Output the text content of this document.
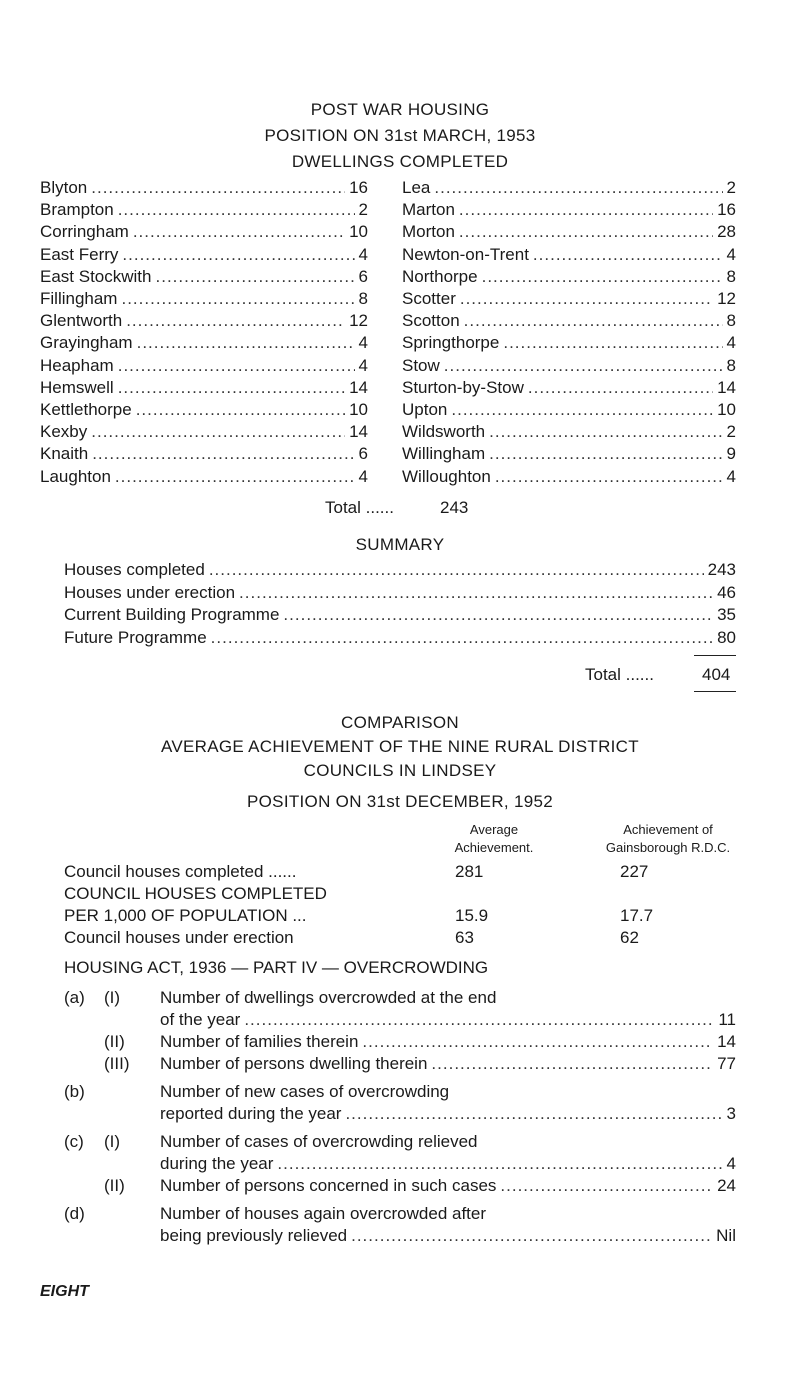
POST WAR HOUSING
POSITION ON 31st MARCH, 1953
DWELLINGS COMPLETED
Blyton .....	16
Brampton .....	2
Corringham .....	10
East Ferry .....	4
East Stockwith .....	6
Fillingham .....	8
Glentworth .....	12
Grayingham .....	4
Heapham .....	4
Hemswell .....	14
Kettlethorpe .....	10
Kexby .....	14
Knaith .....	6
Laughton .....	4
Lea .....	2
Marton .....	16
Morton .....	28
Newton-on-Trent .....	4
Northorpe .....	8
Scotter .....	12
Scotton .....	8
Springthorpe .....	4
Stow .....	8
Sturton-by-Stow .....	14
Upton .....	10
Wildsworth .....	2
Willingham .....	9
Willoughton .....	4
Total ......	243
SUMMARY
Houses completed .....	243
Houses under erection .....	46
Current Building Programme .....	35
Future Programme .....	80
Total ......	404
COMPARISON
AVERAGE ACHIEVEMENT OF THE NINE RURAL DISTRICT
COUNCILS IN LINDSEY
POSITION ON 31st DECEMBER, 1952
Average
Achievement.
Achievement of
Gainsborough R.D.C.
Council houses completed ......	281	227
COUNCIL HOUSES COMPLETED
PER 1,000 OF POPULATION ...	15.9	17.7
Council houses under erection	63	62
HOUSING ACT, 1936 — PART IV — OVERCROWDING
(a) (I) Number of dwellings overcrowded at the end
of the year .....	11
(II) Number of families therein .....	14
(III) Number of persons dwelling therein .....	77
(b)	Number of new cases of overcrowding
reported during the year .....	3
(c) (I) Number of cases of overcrowding relieved
during the year .....	4
(II) Number of persons concerned in such cases .....	24
(d)	Number of houses again overcrowded after
being previously relieved .....	Nil
EIGHT
